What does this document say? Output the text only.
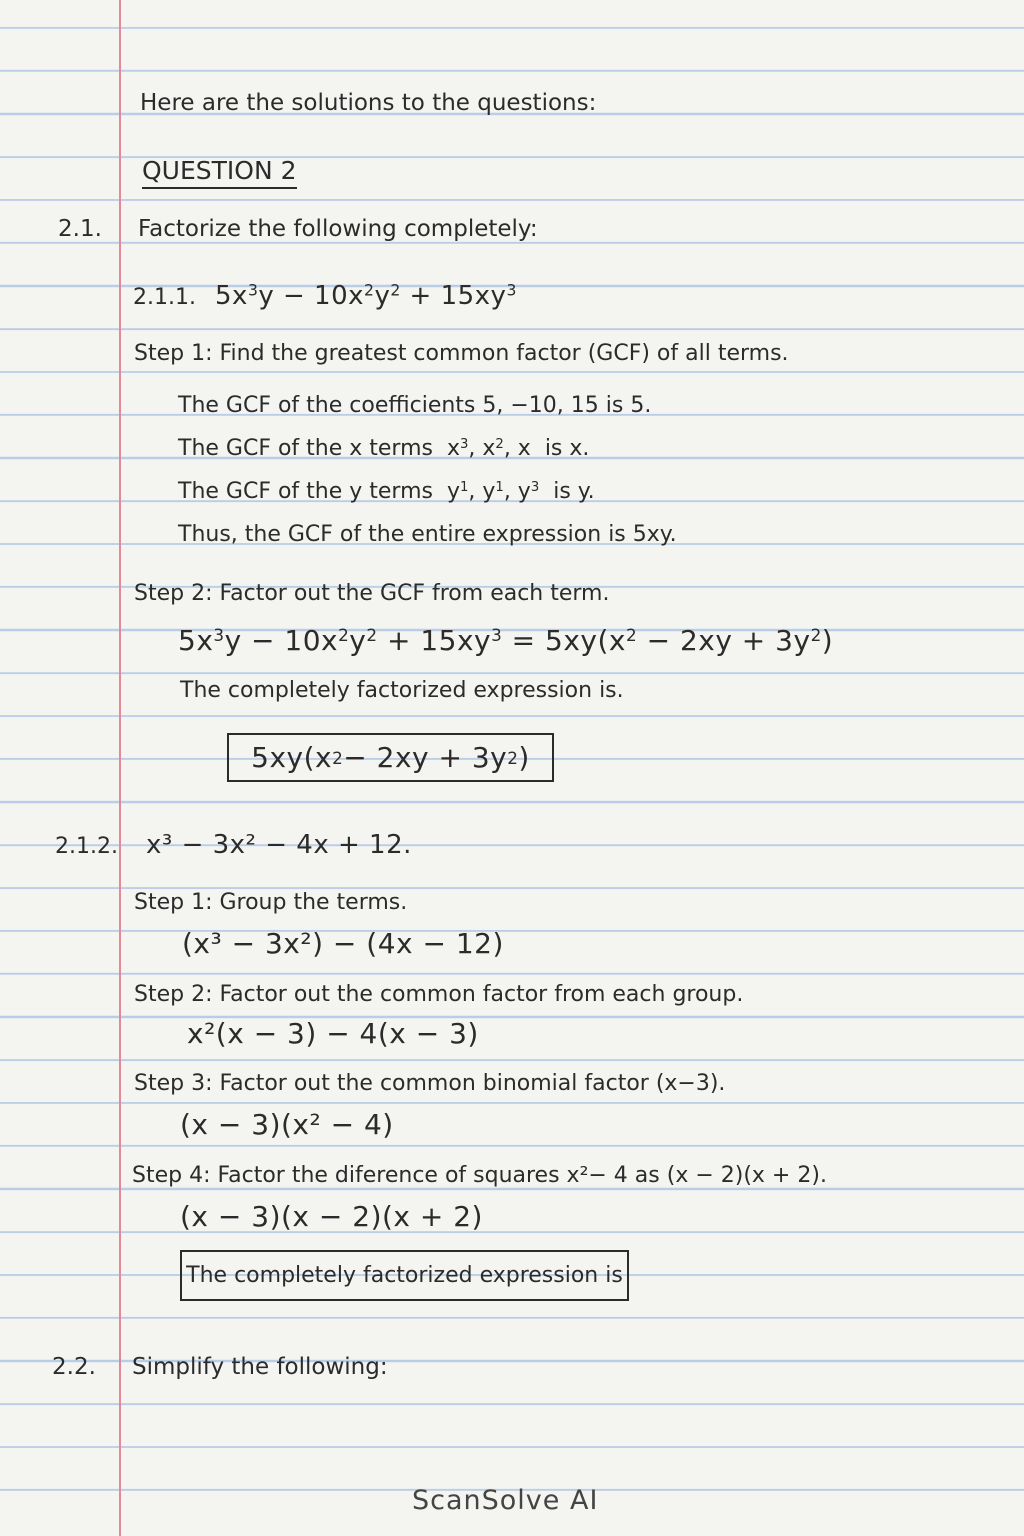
Here are the solutions to the questions:
QUESTION 2
2.1. Factorize the following completely:
2.1.1. $5x^3y - 10x^2y^2 + 15xy^3$
Step 1: Find the greatest common factor (GCF) of all terms.
The GCF of the coefficients 5, −10, 15 is 5.
The GCF of the x terms  $x^3$, $x^2$, x  is x.
The GCF of the y terms  $y^1$, $y^1$, $y^3$ is y.
Thus, the GCF of the entire expression is 5xy.
Step 2: Factor out the GCF from each term.
$5x^3y - 10x^2y^2 + 15xy^3 = 5xy(x^2 - 2xy + 3y^2)$
The completely factorized expression is.
5xy(x 2 − 2xy + 3y 2 )
2.1.2. x³ − 3x² − 4x + 12.
Step 1: Group the terms.
(x³ − 3x²) − (4x − 12)
Step 2: Factor out the common factor from each group.
x²(x − 3) − 4(x − 3)
Step 3: Factor out the common binomial factor (x−3).
(x − 3)(x² − 4)
Step 4: Factor the diference of squares x²− 4 as (x − 2)(x + 2).
(x − 3)(x − 2)(x + 2)
The completely factorized expression is
2.2. Simplify the following:
ScanSolve AI
